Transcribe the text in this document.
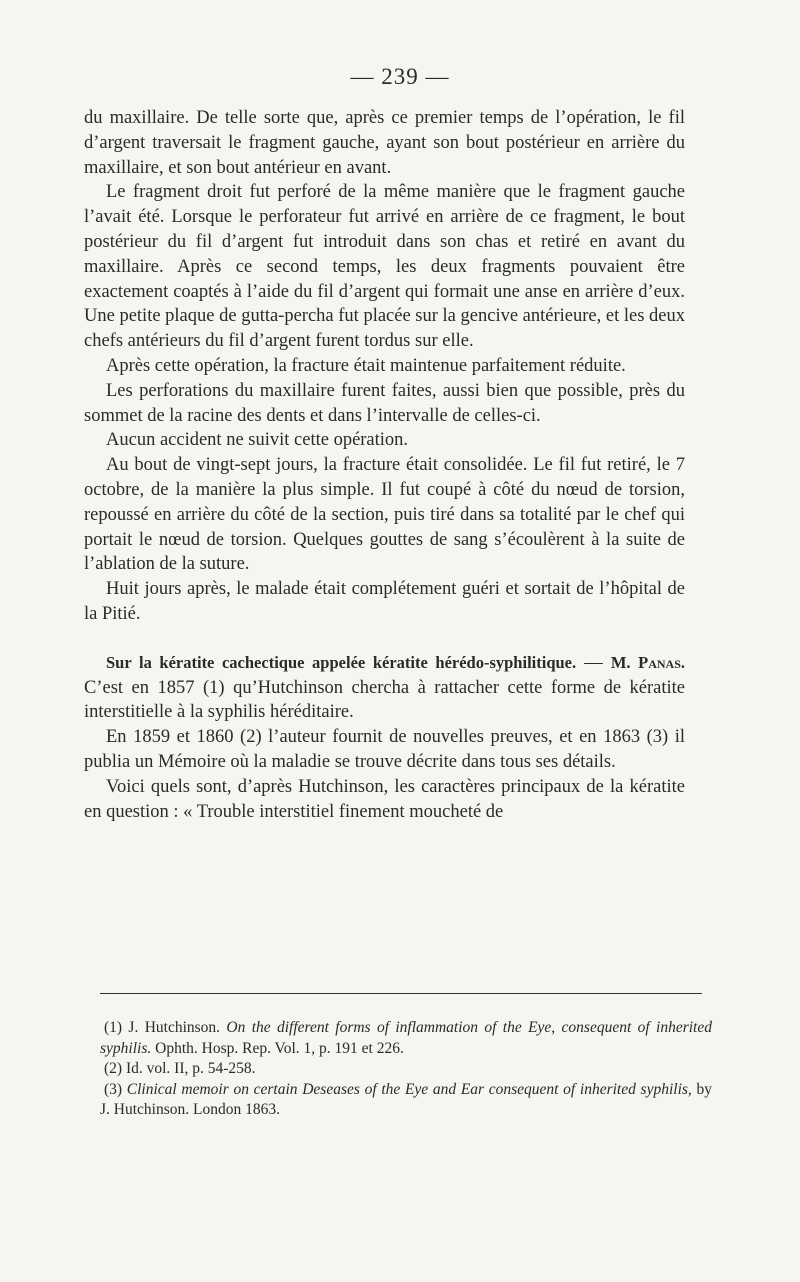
— 239 —

du maxillaire. De telle sorte que, après ce premier temps de l’opération, le fil d’argent traversait le fragment gauche, ayant son bout postérieur en arrière du maxillaire, et son bout antérieur en avant.

Le fragment droit fut perforé de la même manière que le fragment gauche l’avait été. Lorsque le perforateur fut arrivé en arrière de ce fragment, le bout postérieur du fil d’argent fut introduit dans son chas et retiré en avant du maxillaire. Après ce second temps, les deux fragments pouvaient être exactement coaptés à l’aide du fil d’argent qui formait une anse en arrière d’eux. Une petite plaque de gutta-percha fut placée sur la gencive antérieure, et les deux chefs antérieurs du fil d’argent furent tordus sur elle.

Après cette opération, la fracture était maintenue parfaitement réduite.

Les perforations du maxillaire furent faites, aussi bien que possible, près du sommet de la racine des dents et dans l’intervalle de celles-ci.

Aucun accident ne suivit cette opération.

Au bout de vingt-sept jours, la fracture était consolidée. Le fil fut retiré, le 7 octobre, de la manière la plus simple. Il fut coupé à côté du nœud de torsion, repoussé en arrière du côté de la section, puis tiré dans sa totalité par le chef qui portait le nœud de torsion. Quelques gouttes de sang s’écoulèrent à la suite de l’ablation de la suture.

Huit jours après, le malade était complétement guéri et sortait de l’hôpital de la Pitié.

Sur la kératite cachectique appelée kératite hérédo-syphilitique. — M. Panas. C’est en 1857 (1) qu’Hutchinson chercha à rattacher cette forme de kératite interstitielle à la syphilis héréditaire.

En 1859 et 1860 (2) l’auteur fournit de nouvelles preuves, et en 1863 (3) il publia un Mémoire où la maladie se trouve décrite dans tous ses détails.

Voici quels sont, d’après Hutchinson, les caractères principaux de la kératite en question : « Trouble interstitiel finement moucheté de

(1) J. Hutchinson. On the different forms of inflammation of the Eye, consequent of inherited syphilis. Ophth. Hosp. Rep. Vol. 1, p. 191 et 226.

(2) Id. vol. II, p. 54-258.

(3) Clinical memoir on certain Deseases of the Eye and Ear consequent of inherited syphilis, by J. Hutchinson. London 1863.
